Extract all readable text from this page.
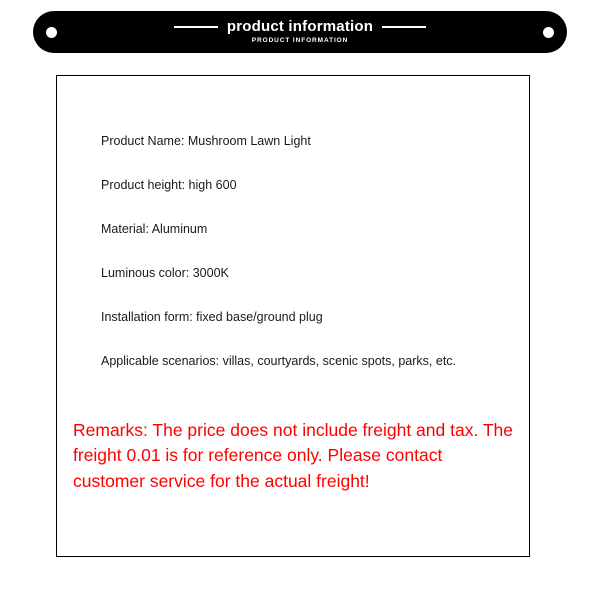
product information
PRODUCT INFORMATION
Product Name: Mushroom Lawn Light
Product height: high 600
Material: Aluminum
Luminous color: 3000K
Installation form: fixed base/ground plug
Applicable scenarios: villas, courtyards, scenic spots, parks, etc.
Remarks: The price does not include freight and tax. The freight 0.01 is for reference only. Please contact customer service for the actual freight!
